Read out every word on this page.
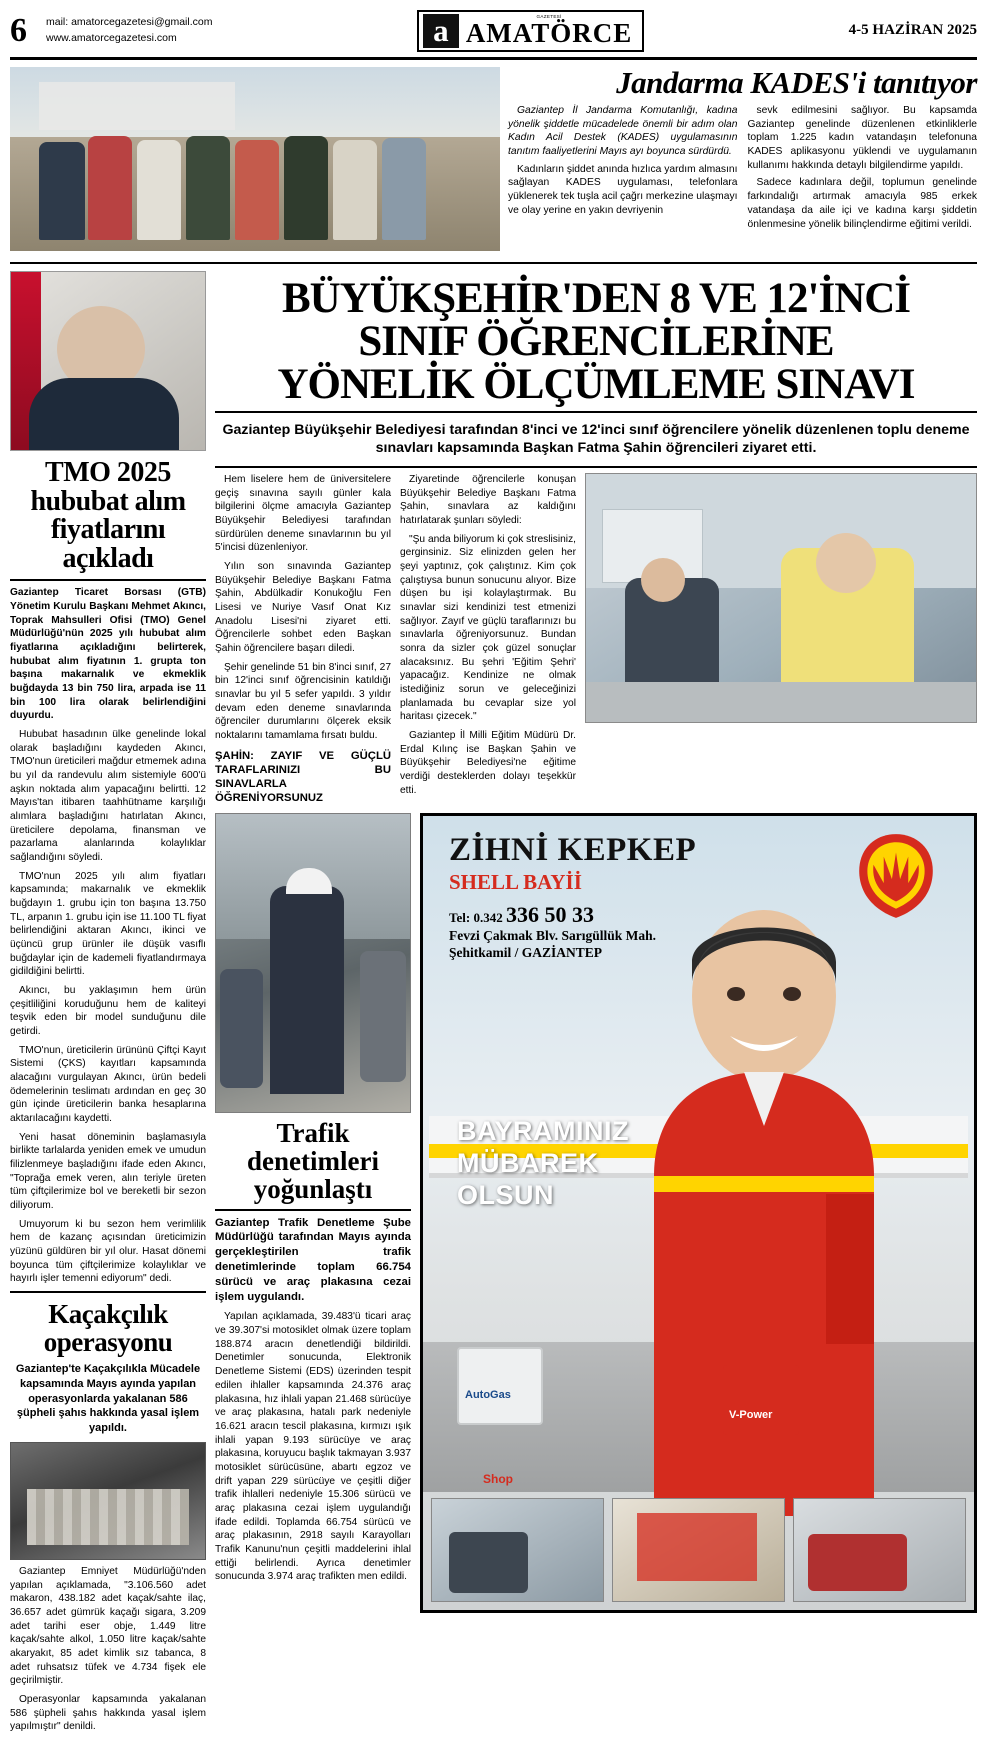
6	mail: amatorcegazetesi@gmail.com
www.amatorcegazetesi.com	a	GAZETESİ
AMATÖRCE	4-5 HAZİRAN 2025
Jandarma KADES'i tanıtıyor

Gaziantep İl Jandarma Komutanlığı, kadına yönelik şiddetle mücadelede önemli bir adım olan Kadın Acil Destek (KADES) uygulamasının tanıtım faaliyetlerini Mayıs ayı boyunca sürdürdü.

Kadınların şiddet anında hızlıca yardım almasını sağlayan KADES uygulaması, telefonlara yüklenerek tek tuşla acil çağrı merkezine ulaşmayı ve olay yerine en yakın devriyenin

sevk edilmesini sağlıyor. Bu kapsamda Gaziantep genelinde düzenlenen etkinliklerle toplam 1.225 kadın vatandaşın telefonuna KADES aplikasyonu yüklendi ve uygulamanın kullanımı hakkında detaylı bilgilendirme yapıldı.

Sadece kadınlara değil, toplumun genelinde farkındalığı artırmak amacıyla 985 erkek vatandaşa da aile içi ve kadına karşı şiddetin önlenmesine yönelik bilinçlendirme eğitimi verildi.

TMO 2025 hububat alım fiyatlarını açıkladı

Gaziantep Ticaret Borsası (GTB) Yönetim Kurulu Başkanı Mehmet Akıncı, Toprak Mahsulleri Ofisi (TMO) Genel Müdürlüğü'nün 2025 yılı hububat alım fiyatlarına açıkladığını belirterek, hububat alım fiyatının 1. grupta ton başına makarnalık ve ekmeklik buğdayda 13 bin 750 lira, arpada ise 11 bin 100 lira olarak belirlendiğini duyurdu.

Hububat hasadının ülke genelinde lokal olarak başladığını kaydeden Akıncı, TMO'nun üreticileri mağdur etmemek adına bu yıl da randevulu alım sistemiyle 600'ü aşkın noktada alım yapacağını belirtti. 12 Mayıs'tan itibaren taahhütname karşılığı alımlara başladığını hatırlatan Akıncı, üreticilere depolama, finansman ve pazarlama alanlarında kolaylıklar sağlandığını söyledi.

TMO'nun 2025 yılı alım fiyatları kapsamında; makarnalık ve ekmeklik buğdayın 1. grubu için ton başına 13.750 TL, arpanın 1. grubu için ise 11.100 TL fiyat belirlendiğini aktaran Akıncı, ikinci ve üçüncü grup ürünler ile düşük vasıflı buğdaylar için de kademeli fiyatlandırmaya gidildiğini belirtti.

Akıncı, bu yaklaşımın hem ürün çeşitliliğini koruduğunu hem de kaliteyi teşvik eden bir model sunduğunu dile getirdi.

TMO'nun, üreticilerin ürününü Çiftçi Kayıt Sistemi (ÇKS) kayıtları kapsamında alacağını vurgulayan Akıncı, ürün bedeli ödemelerinin teslimatı ardından en geç 30 gün içinde üreticilerin banka hesaplarına aktarılacağını kaydetti.

Yeni hasat döneminin başlamasıyla birlikte tarlalarda yeniden emek ve umudun filizlenmeye başladığını ifade eden Akıncı, "Toprağa emek veren, alın teriyle üreten tüm çiftçilerimize bol ve bereketli bir sezon diliyorum.

Umuyorum ki bu sezon hem verimlilik hem de kazanç açısından üreticimizin yüzünü güldüren bir yıl olur. Hasat dönemi boyunca tüm çiftçilerimize kolaylıklar ve hayırlı işler temenni ediyorum" dedi.

Kaçakçılık operasyonu

Gaziantep'te Kaçakçılıkla Mücadele kapsamında Mayıs ayında yapılan operasyonlarda yakalanan 586 şüpheli şahıs hakkında yasal işlem yapıldı.

Gaziantep Emniyet Müdürlüğü'nden yapılan açıklamada, "3.106.560 adet makaron, 438.182 adet kaçak/sahte ilaç, 36.657 adet gümrük kaçağı sigara, 3.209 adet tarihi eser obje, 1.449 litre kaçak/sahte alkol, 1.050 litre kaçak/sahte akaryakıt, 85 adet kimlik sız tabanca, 8 adet ruhsatsız tüfek ve 4.734 fişek ele geçirilmiştir.

Operasyonlar kapsamında yakalanan 586 şüpheli şahıs hakkında yasal işlem yapılmıştır" denildi.

BÜYÜKŞEHİR'DEN 8 VE 12'İNCİ
SINIF ÖĞRENCİLERİNE
YÖNELİK ÖLÇÜMLEME SINAVI
Gaziantep Büyükşehir Belediyesi tarafından 8'inci ve 12'inci sınıf öğrencilere yönelik düzenlenen toplu deneme sınavları kapsamında Başkan Fatma Şahin öğrencileri ziyaret etti.

Hem liselere hem de üniversitelere geçiş sınavına sayılı günler kala bilgilerini ölçme amacıyla Gaziantep Büyükşehir Belediyesi tarafından sürdürülen deneme sınavlarının bu yıl 5'incisi düzenleniyor.

Yılın son sınavında Gaziantep Büyükşehir Belediye Başkanı Fatma Şahin, Abdülkadir Konukoğlu Fen Lisesi ve Nuriye Vasıf Onat Kız Anadolu Lisesi'ni ziyaret etti. Öğrencilerle sohbet eden Başkan Şahin öğrencilere başarı diledi.

Şehir genelinde 51 bin 8'inci sınıf, 27 bin 12'inci sınıf öğrencisinin katıldığı sınavlar bu yıl 5 sefer yapıldı. 3 yıldır devam eden deneme sınavlarında öğrenciler durumlarını ölçerek eksik noktalarını tamamlama fırsatı buldu.

ŞAHİN: ZAYIF VE GÜÇLÜ TARAFLARINIZI BU SINAVLARLA ÖĞRENİYORSUNUZ

Ziyaretinde öğrencilerle konuşan Büyükşehir Belediye Başkanı Fatma Şahin, sınavlara az kaldığını hatırlatarak şunları söyledi:

"Şu anda biliyorum ki çok streslisiniz, gerginsiniz. Siz elinizden gelen her şeyi yaptınız, çok çalıştınız. Kim çok çalıştıysa bunun sonucunu alıyor. Bize düşen bu işi kolaylaştırmak. Bu sınavlar sizi kendinizi test etmenizi sağlıyor. Zayıf ve güçlü taraflarınızı bu sınavlarla öğreniyorsunuz. Bundan sonra da sizler çok güzel sonuçlar alacaksınız. Bu şehri 'Eğitim Şehri' yapacağız. Kendinize ne olmak istediğiniz sorun ve geleceğinizi planlamada bu cevaplar size yol haritası çizecek."

Gaziantep İl Milli Eğitim Müdürü Dr. Erdal Kılınç ise Başkan Şahin ve Büyükşehir Belediyesi'ne eğitime verdiği desteklerden dolayı teşekkür etti.

Trafik denetimleri yoğunlaştı
Gaziantep Trafik Denetleme Şube Müdürlüğü tarafından Mayıs ayında gerçekleştirilen trafik denetimlerinde toplam 66.754 sürücü ve araç plakasına cezai işlem uygulandı.

Yapılan açıklamada, 39.483'ü ticari araç ve 39.307'si motosiklet olmak üzere toplam 188.874 aracın denetlendiği bildirildi. Denetimler sonucunda, Elektronik Denetleme Sistemi (EDS) üzerinden tespit edilen ihlaller kapsamında 24.376 araç plakasına, hız ihlali yapan 21.468 sürücüye ve araç plakasına, hatalı park nedeniyle 16.621 aracın tescil plakasına, kırmızı ışık ihlali yapan 9.193 sürücüye ve araç plakasına, koruyucu başlık takmayan 3.937 motosiklet sürücüsüne, abartı egzoz ve drift yapan 229 sürücüye ve çeşitli diğer trafik ihlalleri nedeniyle 15.306 sürücü ve araç plakasına cezai işlem uygulandığı ifade edildi. Toplamda 66.754 sürücü ve araç plakasının, 2918 sayılı Karayolları Trafik Kanunu'nun çeşitli maddelerini ihlal ettiği belirlendi. Ayrıca denetimler sonucunda 3.974 araç trafikten men edildi.

ZİHNİ KEPKEP
SHELL BAYİİ
Tel: 0.342 336 50 33
Fevzi Çakmak Blv. Sarıgüllük Mah.
Şehitkamil / GAZİANTEP
BAYRAMINIZ
MÜBAREK
OLSUN
AutoGas
V-Power
Shop
